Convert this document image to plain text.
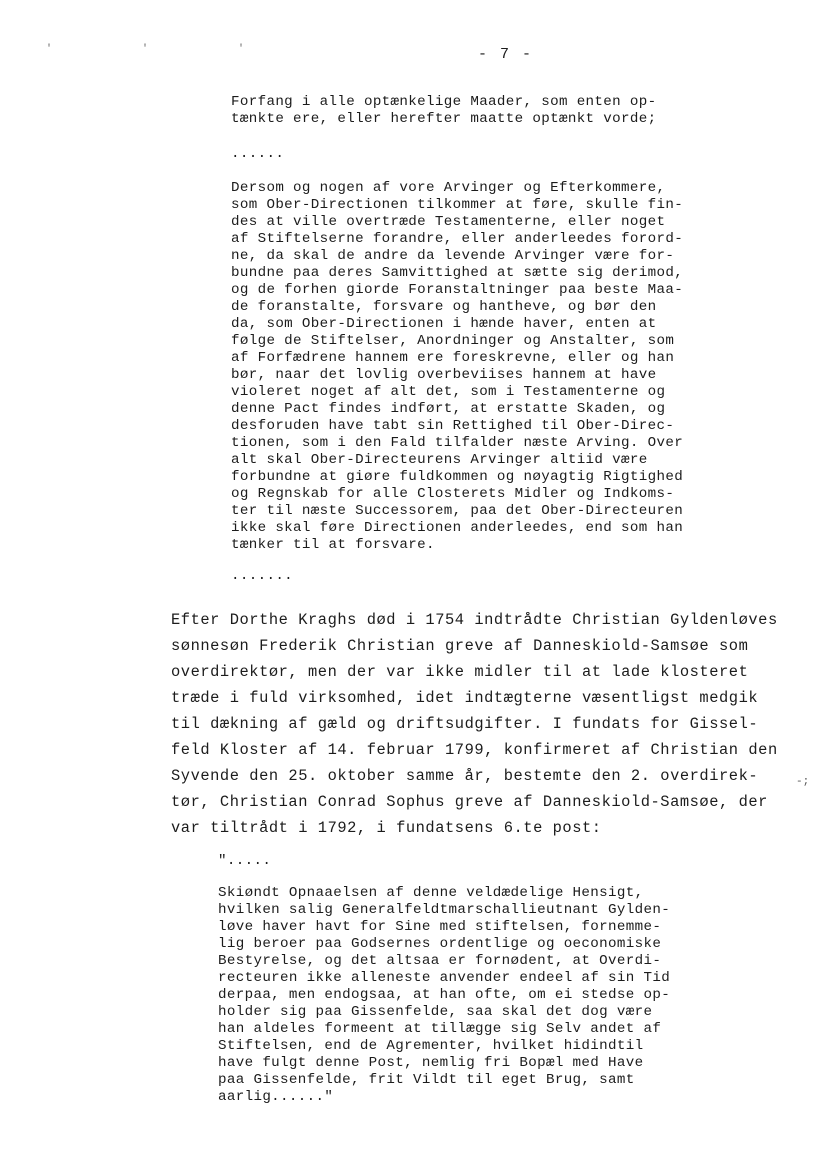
' ' '	- 7 -
Forfang i alle optænkelige Maader, som enten op-
tænkte ere, eller herefter maatte optænkt vorde;
......
Dersom og nogen af vore Arvinger og Efterkommere,
som Ober-Directionen tilkommer at føre, skulle fin-
des at ville overtræde Testamenterne, eller noget
af Stiftelserne forandre, eller anderleedes forord-
ne, da skal de andre da levende Arvinger være for-
bundne paa deres Samvittighed at sætte sig derimod,
og de forhen giorde Foranstaltninger paa beste Maa-
de foranstalte, forsvare og hantheve, og bør den
da, som Ober-Directionen i hænde haver, enten at
følge de Stiftelser, Anordninger og Anstalter, som
af Forfædrene hannem ere foreskrevne, eller og han
bør, naar det lovlig overbeviises hannem at have
violeret noget af alt det, som i Testamenterne og
denne Pact findes indført, at erstatte Skaden, og
desforuden have tabt sin Rettighed til Ober-Direc-
tionen, som i den Fald tilfalder næste Arving. Over
alt skal Ober-Directeurens Arvinger altiid være
forbundne at giøre fuldkommen og nøyagtig Rigtighed
og Regnskab for alle Closterets Midler og Indkoms-
ter til næste Successorem, paa det Ober-Directeuren
ikke skal føre Directionen anderleedes, end som han
tænker til at forsvare.
.......
Efter Dorthe Kraghs død i 1754 indtrådte Christian Gyldenløves
sønnesøn Frederik Christian greve af Danneskiold-Samsøe som
overdirektør, men der var ikke midler til at lade klosteret
træde i fuld virksomhed, idet indtægterne væsentligst medgik
til dækning af gæld og driftsudgifter. I fundats for Gissel-
feld Kloster af 14. februar 1799, konfirmeret af Christian den
Syvende den 25. oktober samme år, bestemte den 2. overdirek-
tør, Christian Conrad Sophus greve af Danneskiold-Samsøe, der
var tiltrådt i 1792, i fundatsens 6.te post:
-;
".....
Skiøndt Opnaaelsen af denne veldædelige Hensigt,
hvilken salig Generalfeldtmarschallieutnant Gylden-
løve haver havt for Sine med stiftelsen, fornemme-
lig beroer paa Godsernes ordentlige og oeconomiske
Bestyrelse, og det altsaa er fornødent, at Overdi-
recteuren ikke alleneste anvender endeel af sin Tid
derpaa, men endogsaa, at han ofte, om ei stedse op-
holder sig paa Gissenfelde, saa skal det dog være
han aldeles formeent at tillægge sig Selv andet af
Stiftelsen, end de Agrementer, hvilket hidindtil
have fulgt denne Post, nemlig fri Bopæl med Have
paa Gissenfelde, frit Vildt til eget Brug, samt
aarlig......"
